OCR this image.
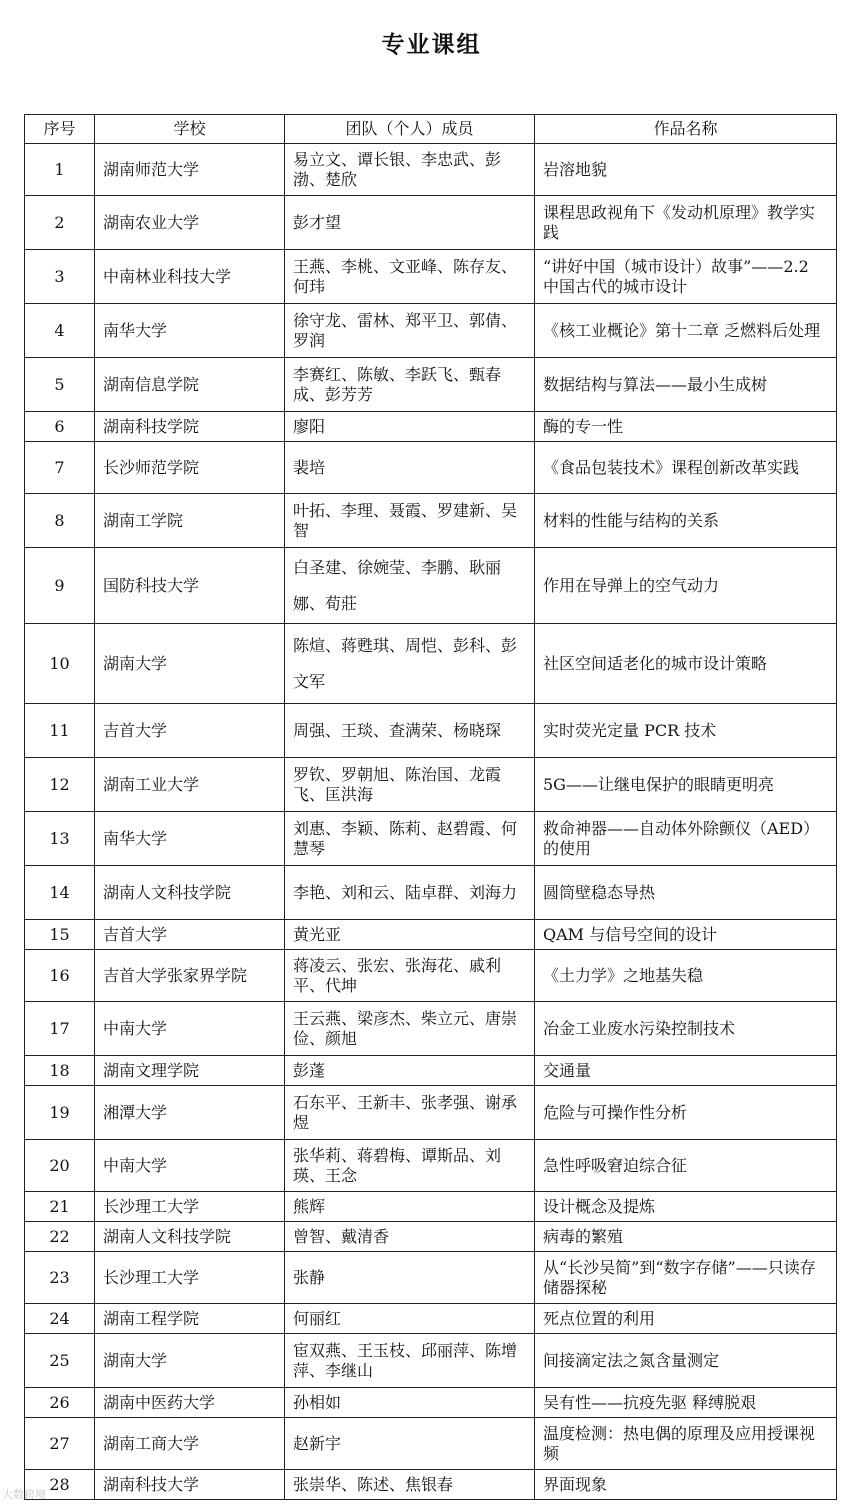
专业课组
序号	学校	团队（个人）成员	作品名称
1	湖南师范大学	易立文、谭长银、李忠武、彭渤、楚欣	岩溶地貌
2	湖南农业大学	彭才望	课程思政视角下《发动机原理》教学实践
3	中南林业科技大学	王燕、李桃、文亚峰、陈存友、何玮	“讲好中国（城市设计）故事”——2.2 中国古代的城市设计
4	南华大学	徐守龙、雷林、郑平卫、郭倩、罗润	《核工业概论》第十二章 乏燃料后处理
5	湖南信息学院	李赛红、陈敏、李跃飞、甄春成、彭芳芳	数据结构与算法——最小生成树
6	湖南科技学院	廖阳	酶的专一性
7	长沙师范学院	裴培	《食品包装技术》课程创新改革实践
8	湖南工学院	叶拓、李理、聂霞、罗建新、吴智	材料的性能与结构的关系
9	国防科技大学	白圣建、徐婉莹、李鹏、耿丽娜、荀莊	作用在导弹上的空气动力
10	湖南大学	陈煊、蒋甦琪、周恺、彭科、彭文军	社区空间适老化的城市设计策略
11	吉首大学	周强、王琰、查满荣、杨晓琛	实时荧光定量 PCR 技术
12	湖南工业大学	罗钦、罗朝旭、陈治国、龙霞飞、匡洪海	5G——让继电保护的眼睛更明亮
13	南华大学	刘惠、李颖、陈莉、赵碧霞、何慧琴	救命神器——自动体外除颤仪（AED）的使用
14	湖南人文科技学院	李艳、刘和云、陆卓群、刘海力	圆筒壁稳态导热
15	吉首大学	黄光亚	QAM 与信号空间的设计
16	吉首大学张家界学院	蒋凌云、张宏、张海花、戚利平、代坤	《土力学》之地基失稳
17	中南大学	王云燕、梁彦杰、柴立元、唐崇俭、颜旭	冶金工业废水污染控制技术
18	湖南文理学院	彭蓬	交通量
19	湘潭大学	石东平、王新丰、张孝强、谢承煜	危险与可操作性分析
20	中南大学	张华莉、蒋碧梅、谭斯品、刘瑛、王念	急性呼吸窘迫综合征
21	长沙理工大学	熊辉	设计概念及提炼
22	湖南人文科技学院	曾智、戴清香	病毒的繁殖
23	长沙理工大学	张静	从“长沙吴简”到“数字存储”——只读存储器探秘
24	湖南工程学院	何丽红	死点位置的利用
25	湖南大学	宦双燕、王玉枝、邱丽萍、陈增萍、李继山	间接滴定法之氮含量测定
26	湖南中医药大学	孙相如	吴有性——抗疫先驱 释缚脱艰
27	湖南工商大学	赵新宇	温度检测：热电偶的原理及应用授课视频
28	湖南科技大学	张崇华、陈述、焦银春	界面现象
大数跨境
